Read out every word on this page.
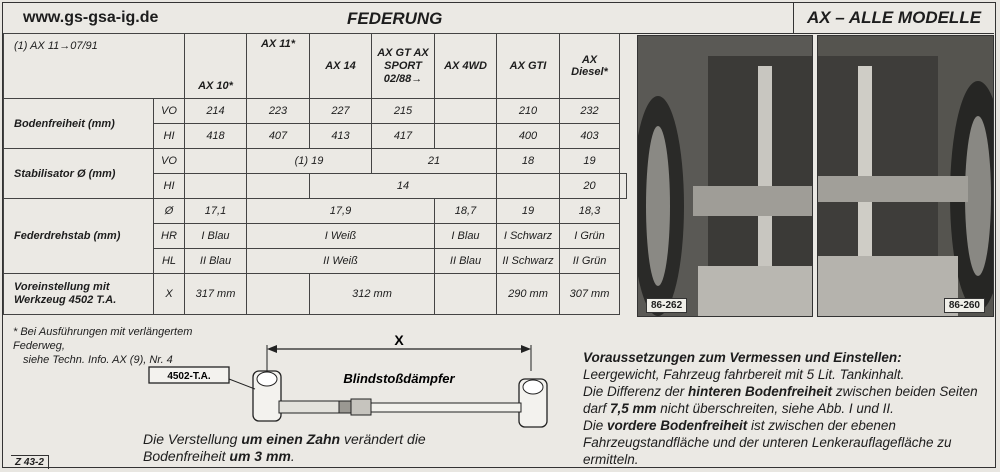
www.gs-gsa-ig.de	FEDERUNG	AX – ALLE MODELLE
(1) AX 11→07/91		AX 10*	AX 11*	AX 14	AX GT AX SPORT 02/88→	AX 4WD	AX GTI	AX Diesel*	
Bodenfreiheit (mm)	VO	214	223	227	215		210	232	
	HI	418	407	413	417		400	403	
Stabilisator Ø (mm)	VO		(1) 19		21		18	19	
	HI			14				20	
Federdrehstab (mm)	Ø	17,1	17,9			18,7	19	18,3	
	HR	I Blau	I Weiß			I Blau	I Schwarz	I Grün	
	HL	II Blau	II Weiß			II Blau	II Schwarz	II Grün	
Voreinstellung mit Werkzeug 4502 T.A.	X	317 mm		312 mm			290 mm	307 mm	
86-262	86-260
* Bei Ausführungen mit verlängertem Federweg,
siehe Techn. Info. AX (9), Nr. 4
4502-T.A.
X
Blindstoßdämpfer
Die Verstellung um einen Zahn verändert die Bodenfreiheit um 3 mm.
Z 43-2
Voraussetzungen zum Vermessen und Einstellen:
Leergewicht, Fahrzeug fahrbereit mit 5 Lit. Tankinhalt.
Die Differenz der hinteren Bodenfreiheit zwischen beiden Seiten darf 7,5 mm nicht überschreiten, siehe Abb. I und II.
Die vordere Bodenfreiheit ist zwischen der ebenen Fahrzeugstandfläche und der unteren Lenkerauflagefläche zu ermitteln.
